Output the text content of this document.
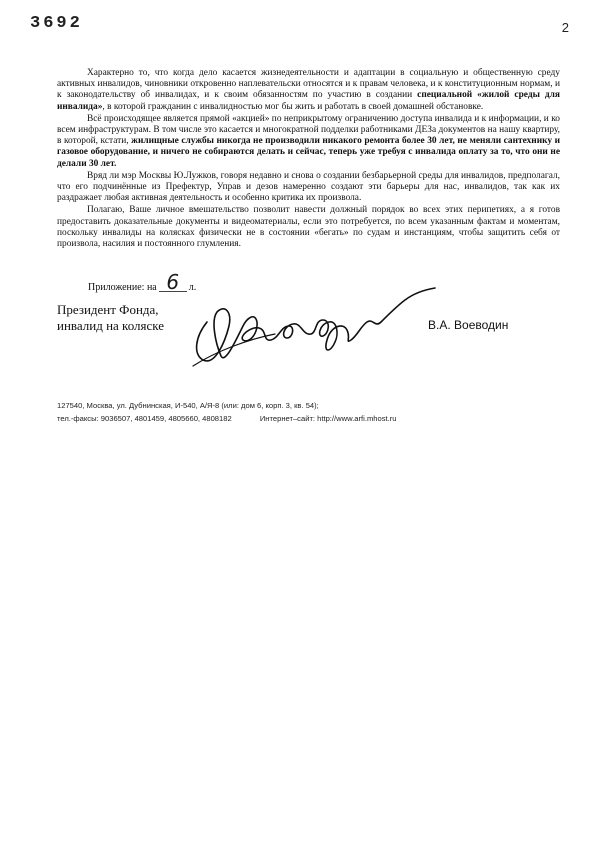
3692	2

Характерно то, что когда дело касается жизнедеятельности и адаптации в социальную и общественную среду активных инвалидов, чиновники откровенно наплевательски относятся и к правам человека, и к конституционным нормам, и к законодательству об инвалидах, и к своим обязанностям по участию в создании специальной «жилой среды для инвалида», в которой гражданин с инвалидностью мог бы жить и работать в своей домашней обстановке.

Всё происходящее является прямой «акцией» по неприкрытому ограничению доступа инвалида и к информации, и ко всем инфраструктурам. В том числе это касается и многократной подделки работниками ДЕЗа документов на нашу квартиру, в которой, кстати, жилищные службы никогда не производили никакого ремонта более 30 лет, не меняли сантехнику и газовое оборудование, и ничего не собираются делать и сейчас, теперь уже требуя с инвалида оплату за то, что они не делали 30 лет.

Вряд ли мэр Москвы Ю.Лужков, говоря недавно и снова о создании безбарьерной среды для инвалидов, предполагал, что его подчинённые из Префектур, Управ и дезов намеренно создают эти барьеры для нас, инвалидов, так как их раздражает любая активная деятельность и особенно критика их произвола.

Полагаю, Ваше личное вмешательство позволит навести должный порядок во всех этих перипетиях, а я готов предоставить доказательные документы и видеоматериалы, если это потребуется, по всем указанным фактам и моментам, поскольку инвалиды на колясках физически не в состоянии «бегать» по судам и инстанциям, чтобы защитить себя от произвола, насилия и постоянного глумления.

Приложение: на 6 л.
Президент Фонда,
инвалид на коляске	В.А. Воеводин
127540, Москва, ул. Дубнинская, И-540, А/Я-8 (или: дом 6, корп. 3, кв. 54);
тел.-факсы: 9036507, 4801459, 4805660, 4808182	Интернет–сайт: http://www.arfi.mhost.ru
